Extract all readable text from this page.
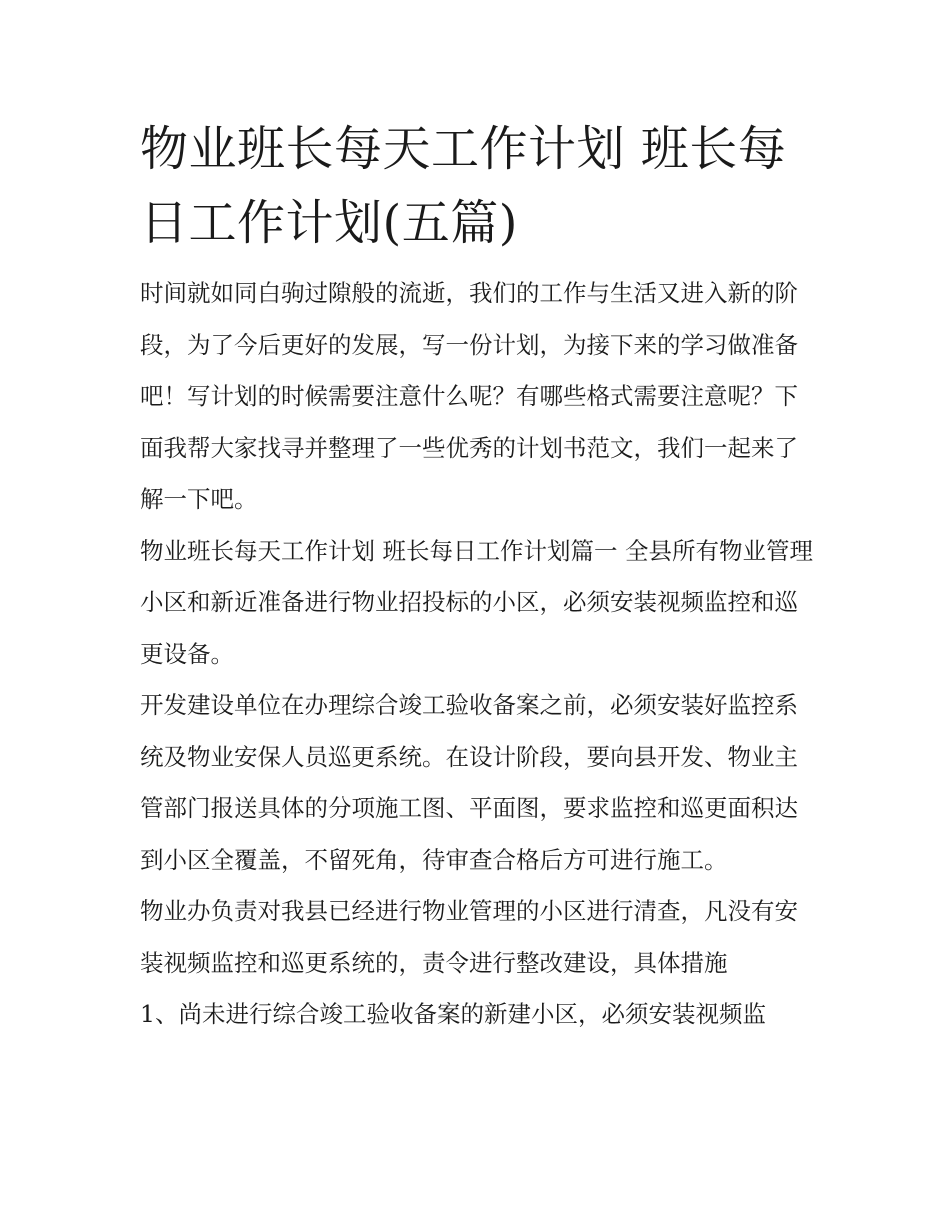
物业班长每天工作计划 班长每日工作计划(五篇)

时间就如同白驹过隙般的流逝，我们的工作与生活又进入新的阶段，为了今后更好的发展，写一份计划，为接下来的学习做准备吧！写计划的时候需要注意什么呢？有哪些格式需要注意呢？下面我帮大家找寻并整理了一些优秀的计划书范文，我们一起来了解一下吧。

物业班长每天工作计划 班长每日工作计划篇一 全县所有物业管理小区和新近准备进行物业招投标的小区，必须安装视频监控和巡更设备。

开发建设单位在办理综合竣工验收备案之前，必须安装好监控系统及物业安保人员巡更系统。在设计阶段，要向县开发、物业主管部门报送具体的分项施工图、平面图，要求监控和巡更面积达到小区全覆盖，不留死角，待审查合格后方可进行施工。

物业办负责对我县已经进行物业管理的小区进行清查，凡没有安装视频监控和巡更系统的，责令进行整改建设，具体措施

1、尚未进行综合竣工验收备案的新建小区，必须安装视频监
